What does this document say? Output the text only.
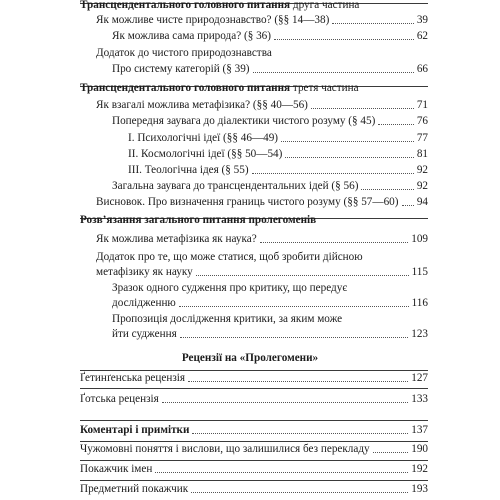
Трансцендентального головного питання друга частина
Як можливе чисте природознавство? (§§ 14—38)	39
Як можлива сама природа? (§ 36)	62
Додаток до чистого природознавства
Про систему категорій (§ 39)	66
Трансцендентального головного питання третя частина
Як взагалі можлива метафізика? (§§ 40—56)	71
Попередня заувага до діалектики чистого розуму (§ 45)	76
I. Психологічні ідеї (§§ 46—49)	77
II. Космологічні ідеї (§§ 50—54)	81
III. Теологічна ідея (§ 55)	92
Загальна заувага до трансцендентальних ідей (§ 56)	92
Висновок. Про визначення границь чистого розуму (§§ 57—60) 94
Розв’язання загального питання пролегоменів
Як можлива метафізика як наука?	109
Додаток про те, що може статися, щоб зробити дійсною
метафізику як науку	115
Зразок одного судження про критику, що передує
дослідженню	116
Пропозиція дослідження критики, за яким може
йти судження	123
Рецензії на «Пролегомени»
Ґетинґенська рецензія	127
Ґотська рецензія	133
Коментарі і примітки	137
Чужомовні поняття і вислови, що залишилися без перекладу	190
Покажчик імен	192
Предметний покажчик	193
